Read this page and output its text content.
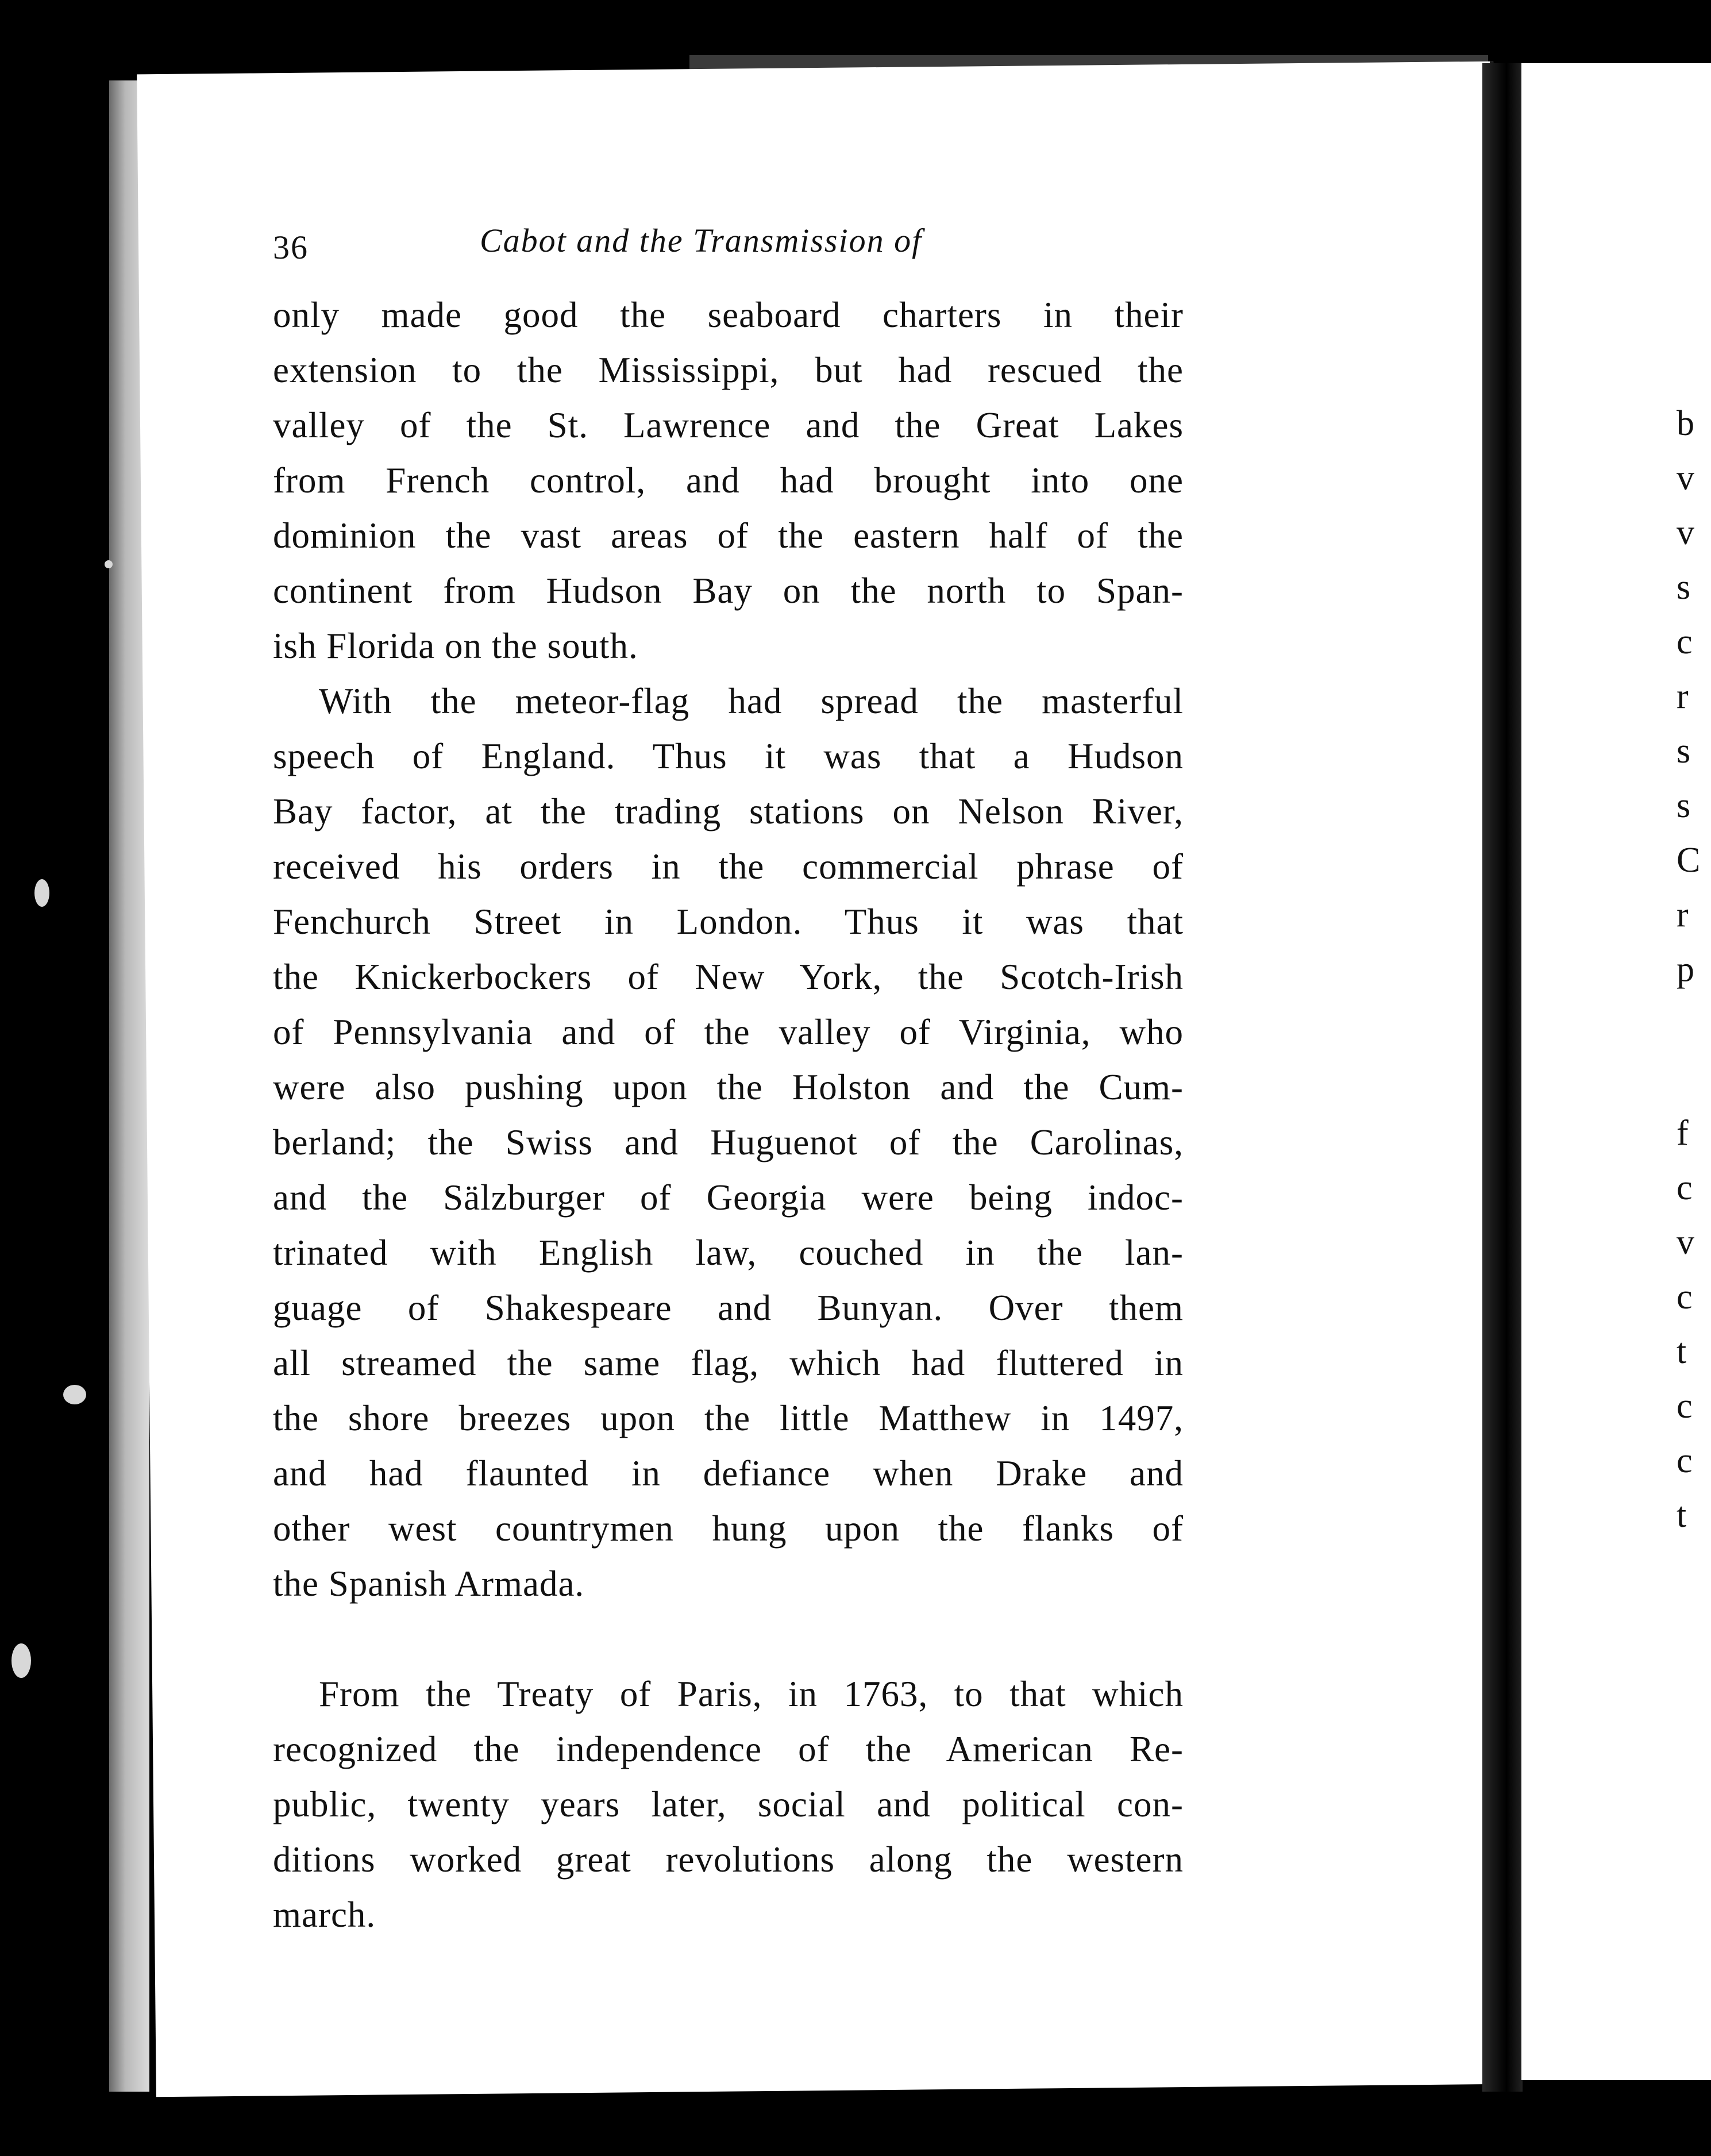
36	Cabot and the Transmission of
only made good the seaboard charters in their
extension to the Mississippi, but had rescued the
valley of the St. Lawrence and the Great Lakes
from French control, and had brought into one
dominion the vast areas of the eastern half of the
continent from Hudson Bay on the north to Span-
ish Florida on the south.
With the meteor-flag had spread the masterful
speech of England. Thus it was that a Hudson
Bay factor, at the trading stations on Nelson River,
received his orders in the commercial phrase of
Fenchurch Street in London. Thus it was that
the Knickerbockers of New York, the Scotch-Irish
of Pennsylvania and of the valley of Virginia, who
were also pushing upon the Holston and the Cum-
berland; the Swiss and Huguenot of the Carolinas,
and the Sälzburger of Georgia were being indoc-
trinated with English law, couched in the lan-
guage of Shakespeare and Bunyan. Over them
all streamed the same flag, which had fluttered in
the shore breezes upon the little Matthew in 1497,
and had flaunted in defiance when Drake and
other west countrymen hung upon the flanks of
the Spanish Armada.
From the Treaty of Paris, in 1763, to that which
recognized the independence of the American Re-
public, twenty years later, social and political con-
ditions worked great revolutions along the western
march.
b
v
v
s
c
r
s
s
C
r
p
f
c
v
c
t
c
c
t
